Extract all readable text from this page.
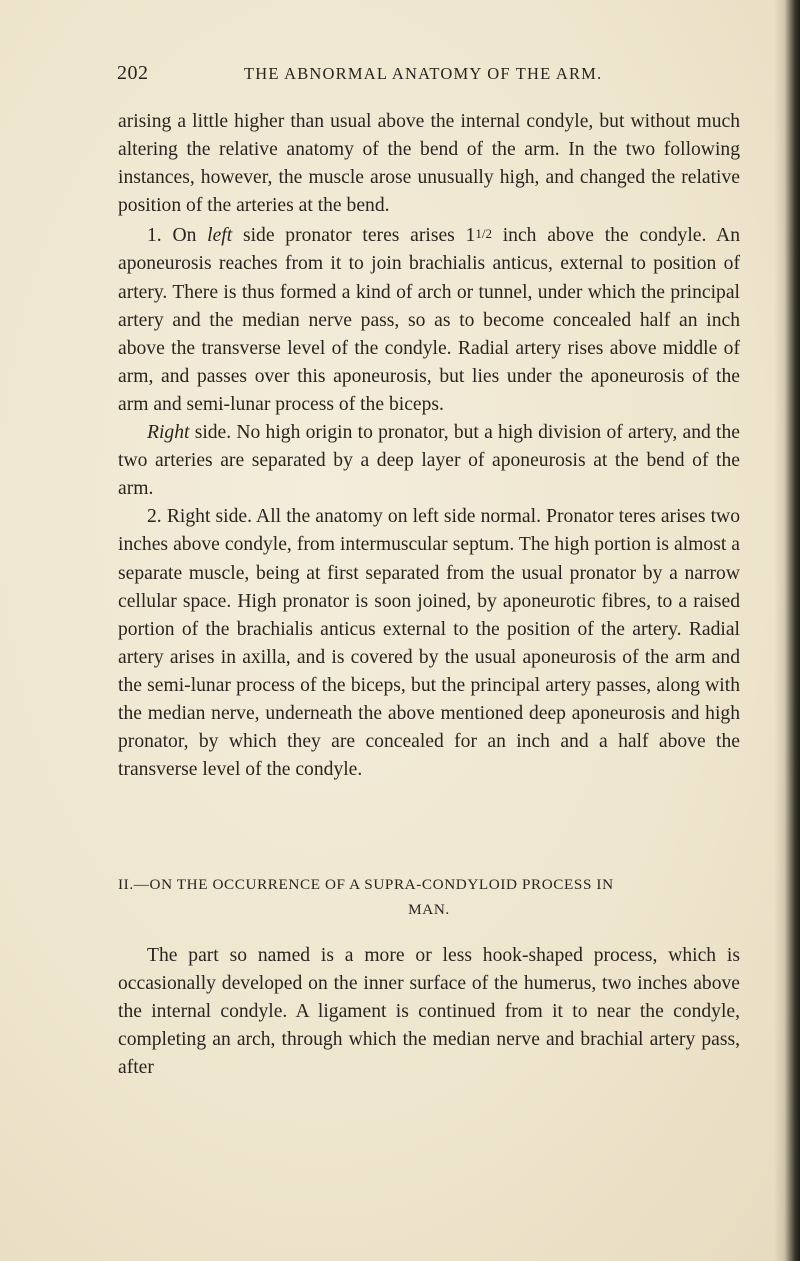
202	THE ABNORMAL ANATOMY OF THE ARM.

arising a little higher than usual above the internal condyle, but without much altering the relative anatomy of the bend of the arm. In the two following instances, however, the muscle arose unusually high, and changed the relative position of the arteries at the bend.

1. On left side pronator teres arises 11/2 inch above the condyle. An aponeurosis reaches from it to join brachialis anticus, external to position of artery. There is thus formed a kind of arch or tunnel, under which the principal artery and the median nerve pass, so as to become concealed half an inch above the transverse level of the condyle. Radial artery rises above middle of arm, and passes over this aponeurosis, but lies under the aponeurosis of the arm and semi-lunar process of the biceps.

Right side. No high origin to pronator, but a high division of artery, and the two arteries are separated by a deep layer of aponeurosis at the bend of the arm.

2. Right side. All the anatomy on left side normal. Pronator teres arises two inches above condyle, from intermuscular septum. The high portion is almost a separate muscle, being at first separated from the usual pronator by a narrow cellular space. High pronator is soon joined, by aponeurotic fibres, to a raised portion of the brachialis anticus external to the position of the artery. Radial artery arises in axilla, and is covered by the usual aponeurosis of the arm and the semi-lunar process of the biceps, but the principal artery passes, along with the median nerve, underneath the above mentioned deep aponeurosis and high pronator, by which they are concealed for an inch and a half above the transverse level of the condyle.

II.—ON THE OCCURRENCE OF A SUPRA-CONDYLOID PROCESS IN
MAN.

The part so named is a more or less hook-shaped process, which is occasionally developed on the inner surface of the humerus, two inches above the internal condyle. A ligament is continued from it to near the condyle, completing an arch, through which the median nerve and brachial artery pass, after
